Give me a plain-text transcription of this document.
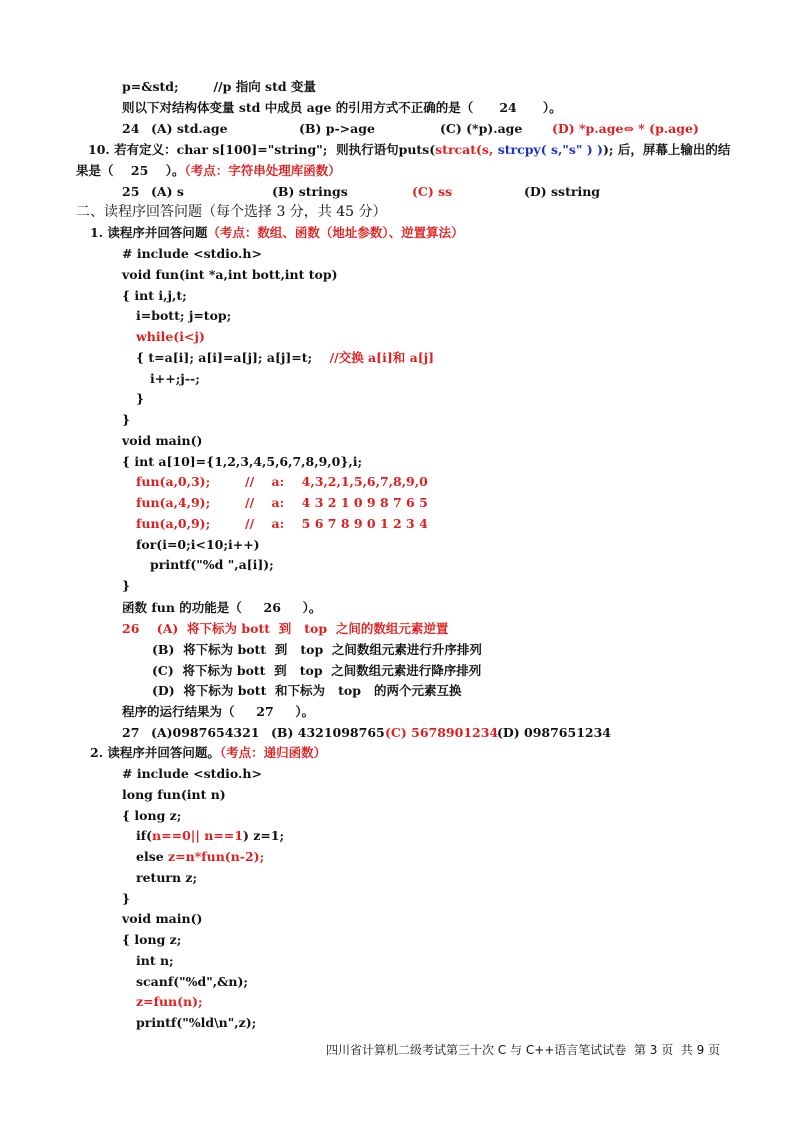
p=&std;        //p 指向 std 变量
则以下对结构体变量 std 中成员 age 的引用方式不正确的是（      24      ）。
24 (A) std.age	(B) p->age	(C) (*p).age (D) *p.age⇔ * (p.age)
10. 若有定义：char s[100]="string";  则执行语句puts(strcat(s, strcpy( s,"s" ) )); 后，屏幕上输出的结
果是（    25    ）。（考点：字符串处理库函数）
25 (A) s	(B) strings	(C) ss	(D) sstring
二、读程序回答问题（每个选择 3 分，共 45 分）
1. 读程序并回答问题（考点：数组、函数（地址参数）、逆置算法）
# include <stdio.h>
void fun(int *a,int bott,int top)
{ int i,j,t;
i=bott; j=top;
while(i<j)
{ t=a[i]; a[i]=a[j]; a[j]=t;    //交换 a[i]和 a[j]
i++;j--;
}
}
void main()
{ int a[10]={1,2,3,4,5,6,7,8,9,0},i;
fun(a,0,3);        //    a:    4,3,2,1,5,6,7,8,9,0
fun(a,4,9);        //    a:    4 3 2 1 0 9 8 7 6 5
fun(a,0,9);        //    a:    5 6 7 8 9 0 1 2 3 4
for(i=0;i<10;i++)
printf("%d ",a[i]);
}
函数 fun 的功能是（     26     ）。
26    (A)  将下标为 bott  到   top  之间的数组元素逆置
(B)  将下标为 bott  到   top  之间数组元素进行升序排列
(C)  将下标为 bott  到   top  之间数组元素进行降序排列
(D)  将下标为 bott  和下标为   top   的两个元素互换
程序的运行结果为（     27     ）。
27 (A)0987654321 (B) 4321098765 (C) 5678901234
(D) 0987651234
2. 读程序并回答问题。（考点：递归函数）
# include <stdio.h>
long fun(int n)
{ long z;
if(n==0|| n==1) z=1;
else z=n*fun(n-2);
return z;
}
void main()
{ long z;
int n;
scanf("%d",&n);
z=fun(n);
printf("%ld\n",z);
四川省计算机二级考试第三十次 C 与 C++语言笔试试卷  第 3 页  共 9 页
